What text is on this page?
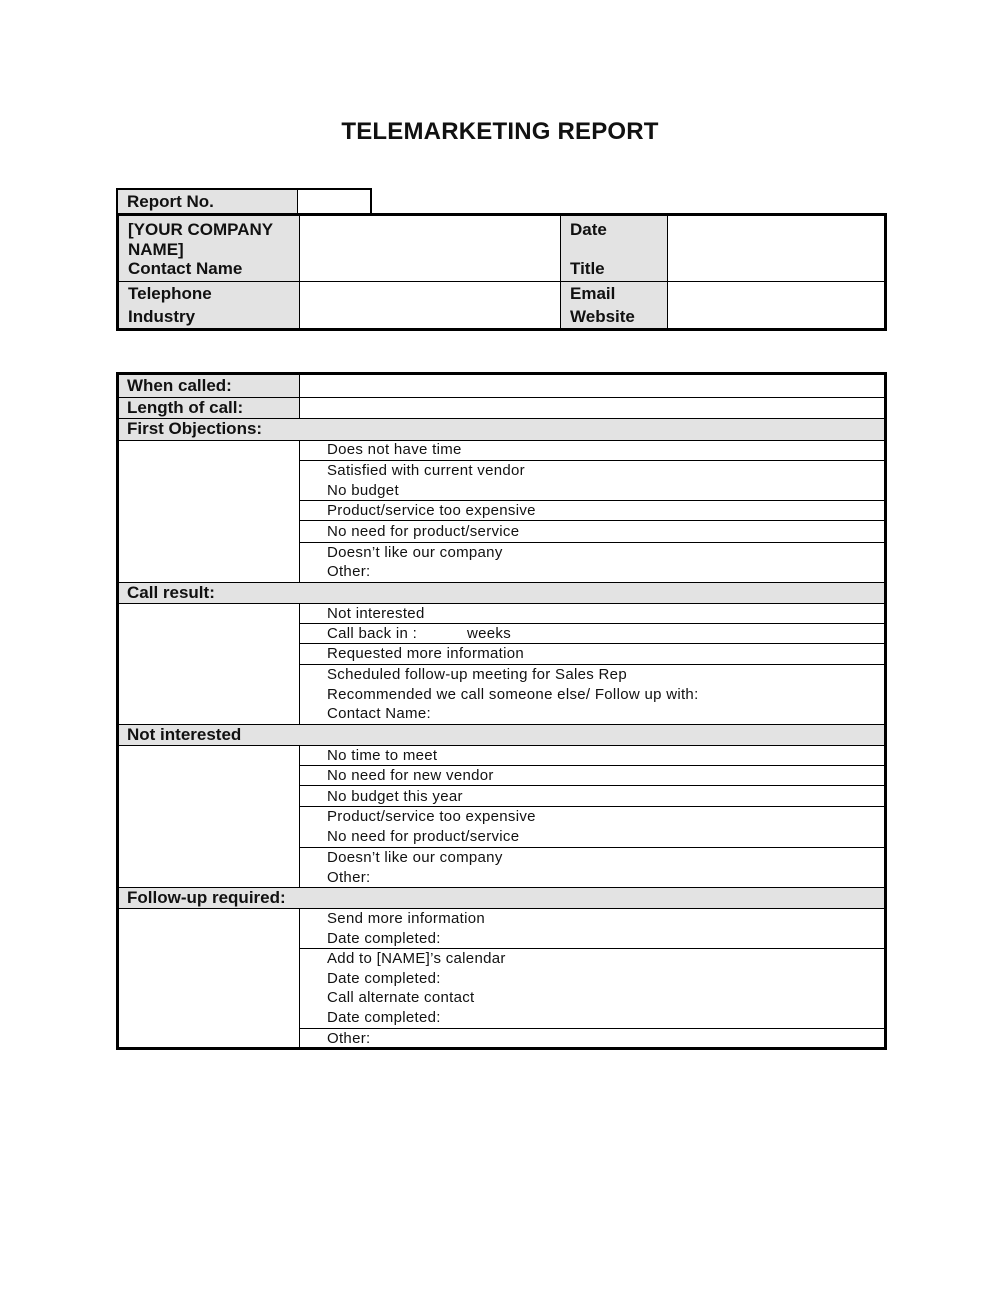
TELEMARKETING REPORT
Report No.
[YOUR COMPANY
NAME]
Contact Name
Date
Title
Telephone
Industry
Email
Website
When called:
Length of call:
First Objections:
Does not have time
Satisfied with current vendor
No budget
Product/service too expensive
No need for product/service
Doesn’t like our company
Other:
Call result:
Not interested
Call back in :	weeks
Requested more information
Scheduled follow-up meeting for Sales Rep
Recommended we call someone else/ Follow up with:
Contact Name:
Not interested
No time to meet
No need for new vendor
No budget this year
Product/service too expensive
No need for product/service
Doesn’t like our company
Other:
Follow-up required:
Send more information
Date completed:
Add to [NAME]’s calendar
Date completed:
Call alternate contact
Date completed:
Other:
